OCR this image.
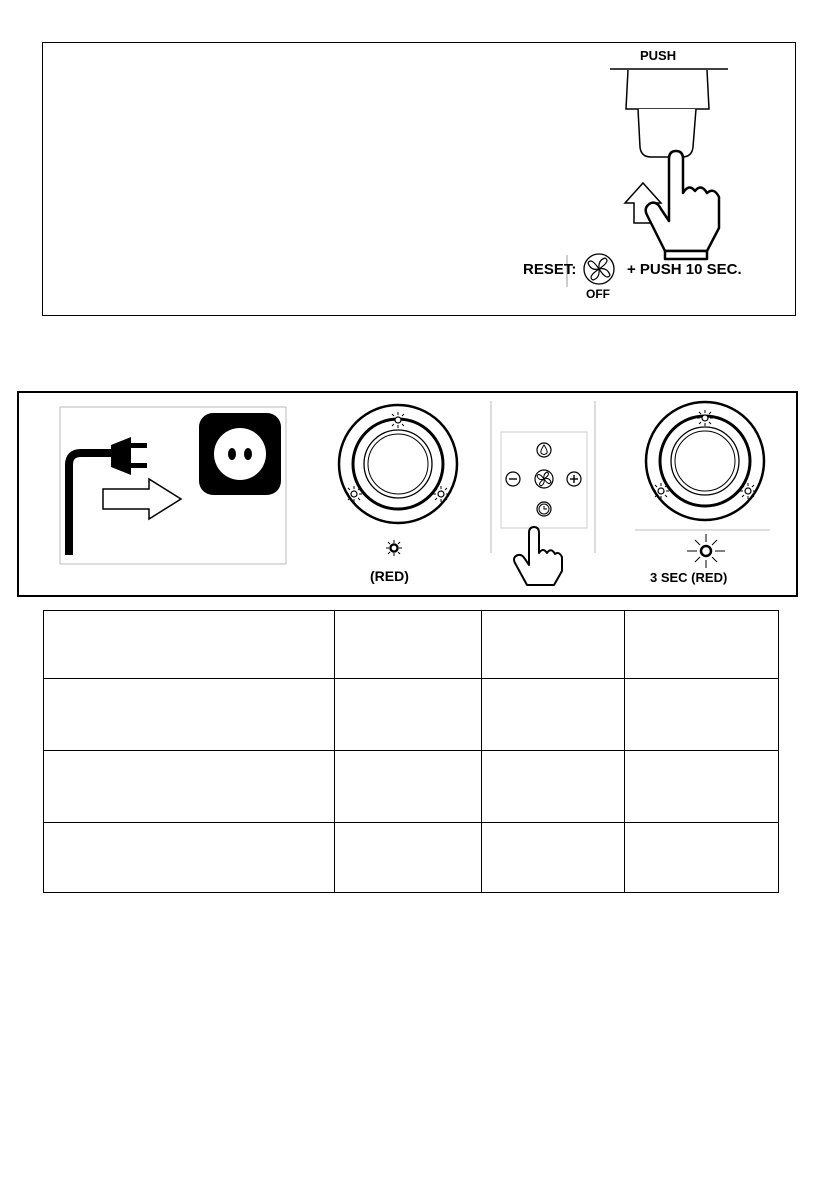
PUSH
RESET:
OFF
+ PUSH 10 SEC.
(RED)	3 SEC (RED)
